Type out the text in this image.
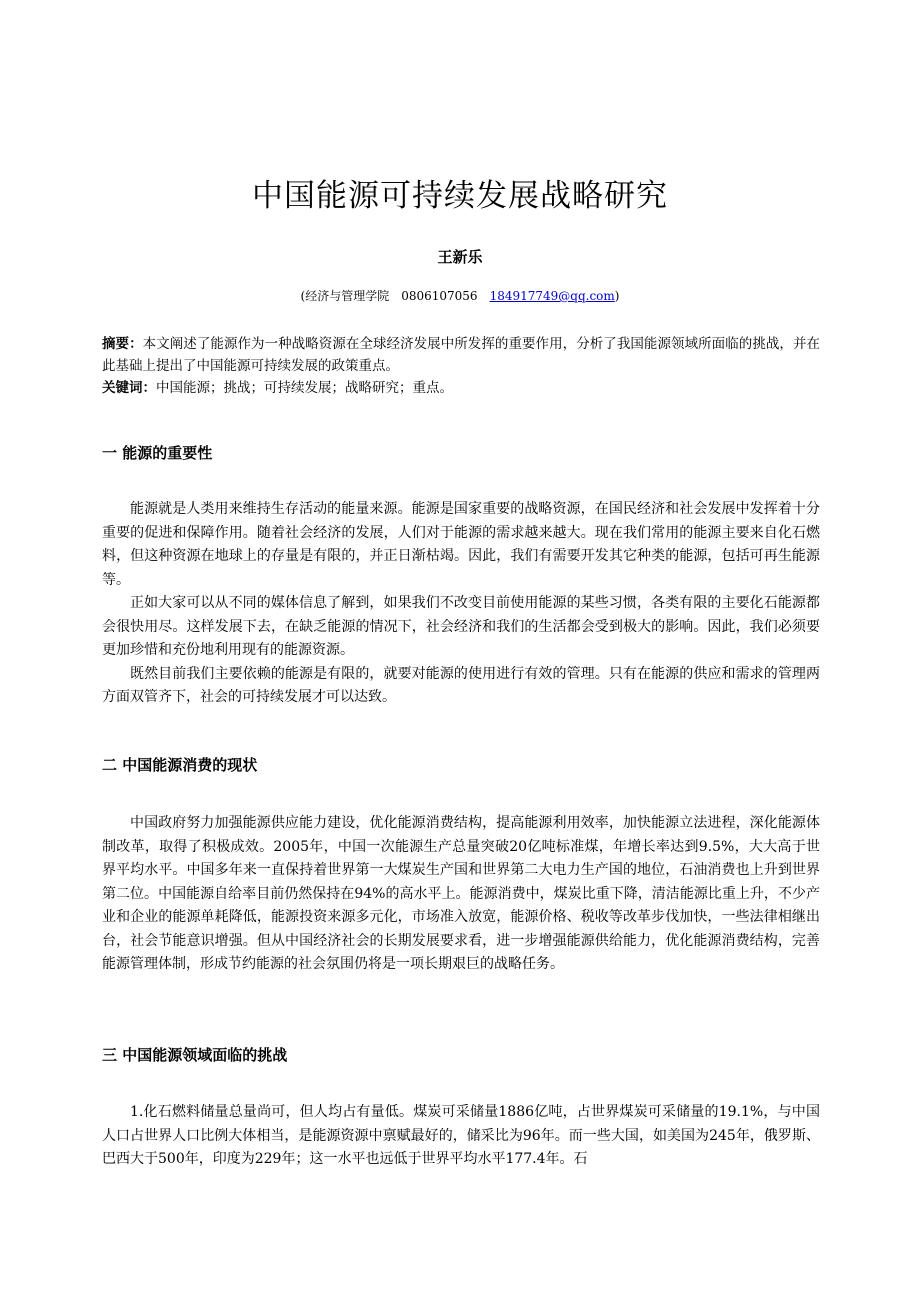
中国能源可持续发展战略研究
王新乐
(经济与管理学院　0806107056　184917749@qq.com)
摘要：本文阐述了能源作为一种战略资源在全球经济发展中所发挥的重要作用，分析了我国能源领域所面临的挑战，并在此基础上提出了中国能源可持续发展的政策重点。
关键词：中国能源；挑战；可持续发展；战略研究；重点。
一 能源的重要性

能源就是人类用来维持生存活动的能量来源。能源是国家重要的战略资源，在国民经济和社会发展中发挥着十分重要的促进和保障作用。随着社会经济的发展，人们对于能源的需求越来越大。现在我们常用的能源主要来自化石燃料，但这种资源在地球上的存量是有限的，并正日渐枯竭。因此，我们有需要开发其它种类的能源，包括可再生能源等。

正如大家可以从不同的媒体信息了解到，如果我们不改变目前使用能源的某些习惯，各类有限的主要化石能源都会很快用尽。这样发展下去，在缺乏能源的情况下，社会经济和我们的生活都会受到极大的影响。因此，我们必须要更加珍惜和充份地利用现有的能源资源。

既然目前我们主要依赖的能源是有限的，就要对能源的使用进行有效的管理。只有在能源的供应和需求的管理两方面双管齐下，社会的可持续发展才可以达致。

二 中国能源消费的现状

中国政府努力加强能源供应能力建设，优化能源消费结构，提高能源利用效率，加快能源立法进程，深化能源体制改革，取得了积极成效。2005年，中国一次能源生产总量突破20亿吨标准煤，年增长率达到9.5%，大大高于世界平均水平。中国多年来一直保持着世界第一大煤炭生产国和世界第二大电力生产国的地位，石油消费也上升到世界第二位。中国能源自给率目前仍然保持在94%的高水平上。能源消费中，煤炭比重下降，清洁能源比重上升，不少产业和企业的能源单耗降低，能源投资来源多元化，市场准入放宽，能源价格、税收等改革步伐加快，一些法律相继出台，社会节能意识增强。但从中国经济社会的长期发展要求看，进一步增强能源供给能力，优化能源消费结构，完善能源管理体制，形成节约能源的社会氛围仍将是一项长期艰巨的战略任务。

三 中国能源领域面临的挑战

1.化石燃料储量总量尚可，但人均占有量低。煤炭可采储量1886亿吨，占世界煤炭可采储量的19.1%，与中国人口占世界人口比例大体相当，是能源资源中禀赋最好的，储采比为96年。而一些大国，如美国为245年，俄罗斯、巴西大于500年，印度为229年；这一水平也远低于世界平均水平177.4年。石
